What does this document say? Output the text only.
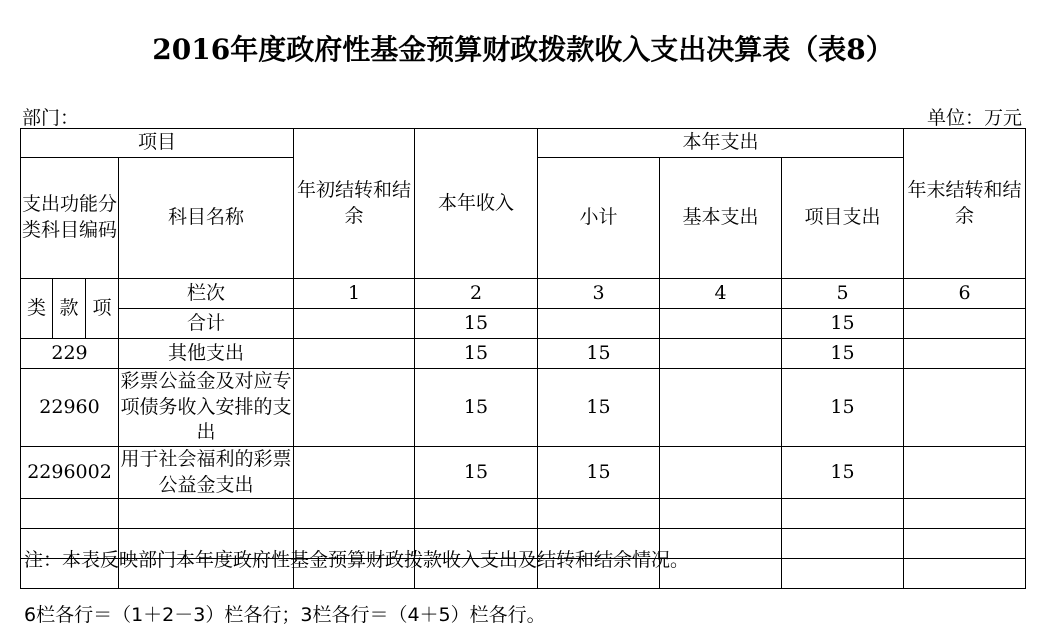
2016年度政府性基金预算财政拨款收入支出决算表（表8）
部门：	单位：万元
项目				年初结转和结余	本年收入	本年支出			年末结转和结余
支出功能分类科目编码			科目名称			小计	基本支出	项目支出	

类	款	项	栏次	1	2	3	4	5	6
			合计		15			15	
229			其他支出		15	15		15	
22960			彩票公益金及对应专项债务收入安排的支出		15	15		15	
2296002			用于社会福利的彩票公益金支出		15	15		15	

注：本表反映部门本年度政府性基金预算财政拨款收入支出及结转和结余情况。
6栏各行＝（1＋2－3）栏各行；3栏各行＝（4＋5）栏各行。
